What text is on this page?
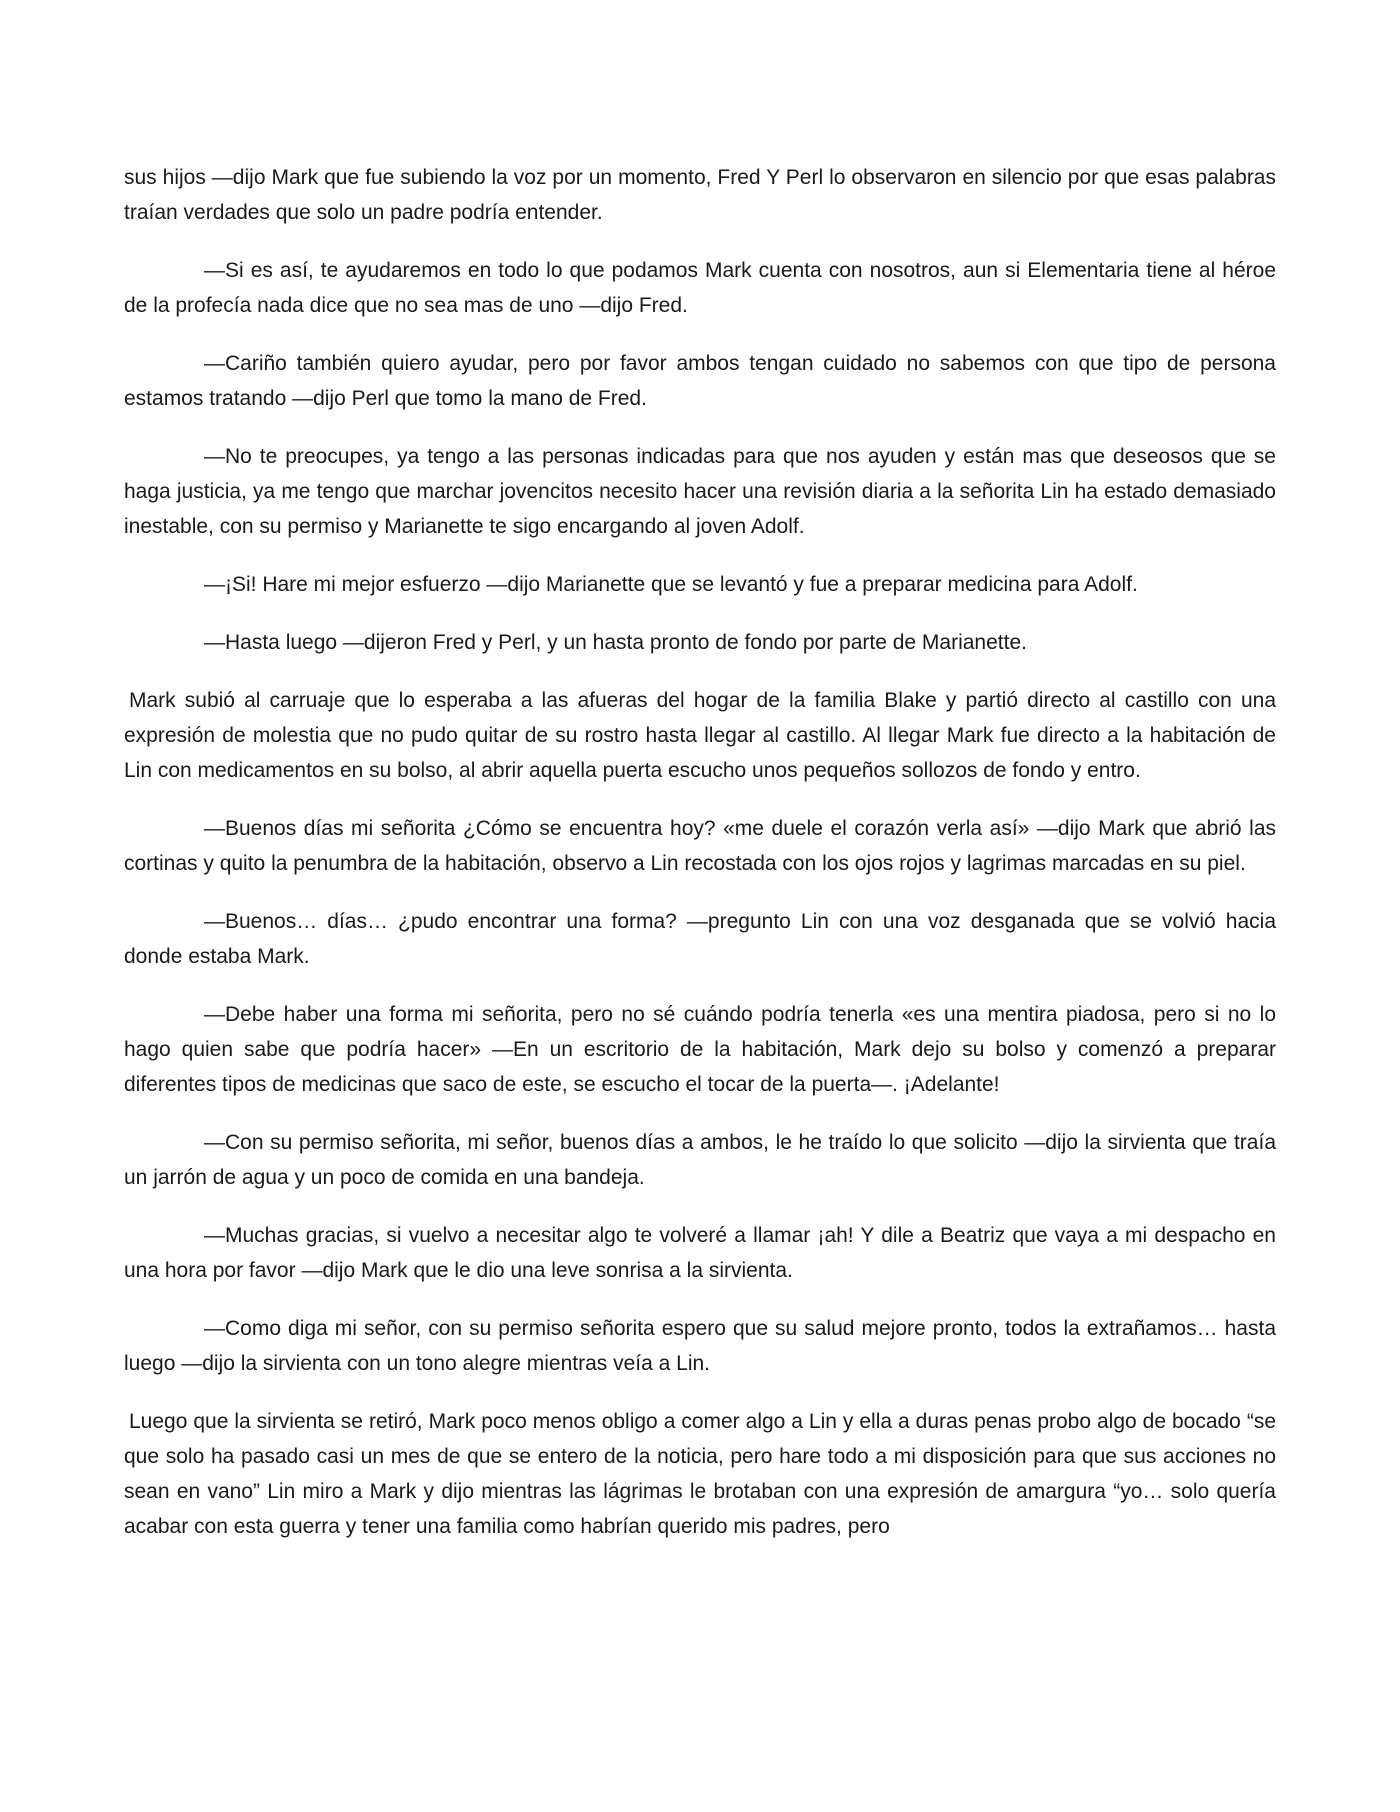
sus hijos —dijo Mark que fue subiendo la voz por un momento, Fred Y Perl lo observaron en silencio por que esas palabras traían verdades que solo un padre podría entender.

—Si es así, te ayudaremos en todo lo que podamos Mark cuenta con nosotros, aun si Elementaria tiene al héroe de la profecía nada dice que no sea mas de uno —dijo Fred.

—Cariño también quiero ayudar, pero por favor ambos tengan cuidado no sabemos con que tipo de persona estamos tratando —dijo Perl que tomo la mano de Fred.

—No te preocupes, ya tengo a las personas indicadas para que nos ayuden y están mas que deseosos que se haga justicia, ya me tengo que marchar jovencitos necesito hacer una revisión diaria a la señorita Lin ha estado demasiado inestable, con su permiso y Marianette te sigo encargando al joven Adolf.

—¡Si! Hare mi mejor esfuerzo —dijo Marianette que se levantó y fue a preparar medicina para Adolf.

—Hasta luego —dijeron Fred y Perl, y un hasta pronto de fondo por parte de Marianette.

Mark subió al carruaje que lo esperaba a las afueras del hogar de la familia Blake y partió directo al castillo con una expresión de molestia que no pudo quitar de su rostro hasta llegar al castillo. Al llegar Mark fue directo a la habitación de Lin con medicamentos en su bolso, al abrir aquella puerta escucho unos pequeños sollozos de fondo y entro.

—Buenos días mi señorita ¿Cómo se encuentra hoy? «me duele el corazón verla así» —dijo Mark que abrió las cortinas y quito la penumbra de la habitación, observo a Lin recostada con los ojos rojos y lagrimas marcadas en su piel.

—Buenos… días… ¿pudo encontrar una forma? —pregunto Lin con una voz desganada que se volvió hacia donde estaba Mark.

—Debe haber una forma mi señorita, pero no sé cuándo podría tenerla «es una mentira piadosa, pero si no lo hago quien sabe que podría hacer» —En un escritorio de la habitación, Mark dejo su bolso y comenzó a preparar diferentes tipos de medicinas que saco de este, se escucho el tocar de la puerta—. ¡Adelante!

—Con su permiso señorita, mi señor, buenos días a ambos, le he traído lo que solicito —dijo la sirvienta que traía un jarrón de agua y un poco de comida en una bandeja.

—Muchas gracias, si vuelvo a necesitar algo te volveré a llamar ¡ah! Y dile a Beatriz que vaya a mi despacho en una hora por favor —dijo Mark que le dio una leve sonrisa a la sirvienta.

—Como diga mi señor, con su permiso señorita espero que su salud mejore pronto, todos la extrañamos… hasta luego —dijo la sirvienta con un tono alegre mientras veía a Lin.

Luego que la sirvienta se retiró, Mark poco menos obligo a comer algo a Lin y ella a duras penas probo algo de bocado “se que solo ha pasado casi un mes de que se entero de la noticia, pero hare todo a mi disposición para que sus acciones no sean en vano” Lin miro a Mark y dijo mientras las lágrimas le brotaban con una expresión de amargura “yo… solo quería acabar con esta guerra y tener una familia como habrían querido mis padres, pero
